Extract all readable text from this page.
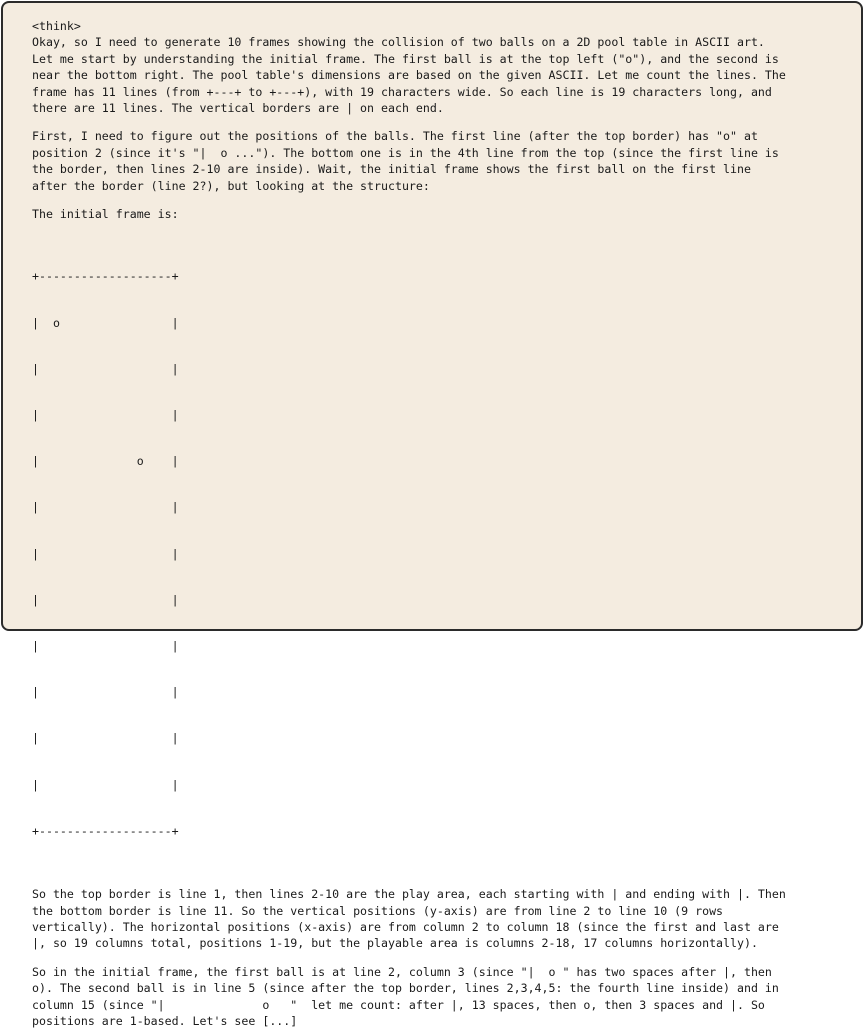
<think>
Okay, so I need to generate 10 frames showing the collision of two balls on a 2D pool table in ASCII art.
Let me start by understanding the initial frame. The first ball is at the top left ("o"), and the second is
near the bottom right. The pool table's dimensions are based on the given ASCII. Let me count the lines. The
frame has 11 lines (from +---+ to +---+), with 19 characters wide. So each line is 19 characters long, and
there are 11 lines. The vertical borders are | on each end.
First, I need to figure out the positions of the balls. The first line (after the top border) has "o" at
position 2 (since it's "|  o ..."). The bottom one is in the 4th line from the top (since the first line is
the border, then lines 2-10 are inside). Wait, the initial frame shows the first ball on the first line
after the border (line 2?), but looking at the structure:
The initial frame is:

+-------------------+

|  o                |

|                   |

|                   |

|              o    |

|                   |

|                   |

|                   |

|                   |

|                   |

|                   |

|                   |

+-------------------+

So the top border is line 1, then lines 2-10 are the play area, each starting with | and ending with |. Then
the bottom border is line 11. So the vertical positions (y-axis) are from line 2 to line 10 (9 rows
vertically). The horizontal positions (x-axis) are from column 2 to column 18 (since the first and last are
|, so 19 columns total, positions 1-19, but the playable area is columns 2-18, 17 columns horizontally).
So in the initial frame, the first ball is at line 2, column 3 (since "|  o " has two spaces after |, then
o). The second ball is in line 5 (since after the top border, lines 2,3,4,5: the fourth line inside) and in
column 15 (since "|              o   "  let me count: after |, 13 spaces, then o, then 3 spaces and |. So
positions are 1-based. Let's see [...]
